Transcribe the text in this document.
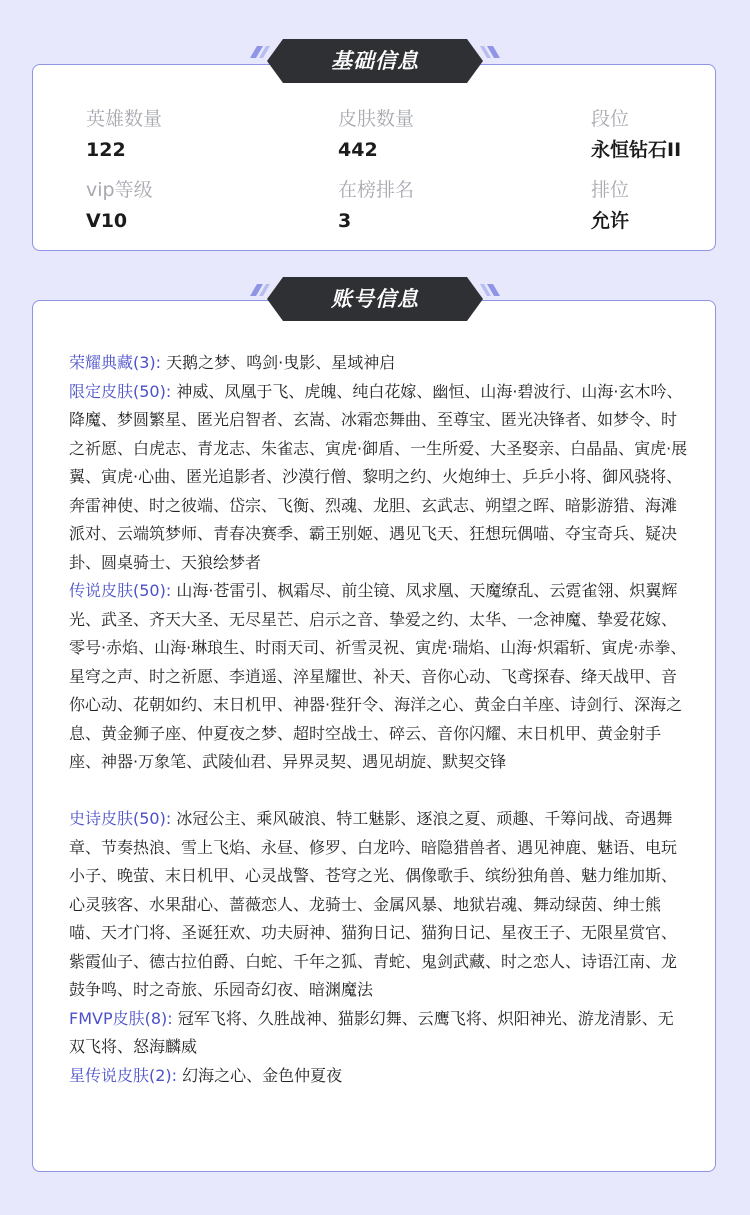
英雄数量
122
皮肤数量
442
段位
永恒钻石II
vip等级
V10
在榜排名
3
排位
允许
基础信息
荣耀典藏(3): 天鹅之梦、鸣剑·曳影、星域神启
限定皮肤(50): 神威、凤凰于飞、虎魄、纯白花嫁、幽恒、山海·碧波行、山海·玄木吟、降魔、梦圆繁星、匿光启智者、玄嵩、冰霜恋舞曲、至尊宝、匿光决锋者、如梦令、时之祈愿、白虎志、青龙志、朱雀志、寅虎·御盾、一生所爱、大圣娶亲、白晶晶、寅虎·展翼、寅虎·心曲、匿光追影者、沙漠行僧、黎明之约、火炮绅士、乒乒小将、御风骁将、奔雷神使、时之彼端、岱宗、飞衡、烈魂、龙胆、玄武志、朔望之晖、暗影游猎、海滩派对、云端筑梦师、青春决赛季、霸王别姬、遇见飞天、狂想玩偶喵、夺宝奇兵、疑决卦、圆桌骑士、天狼绘梦者
传说皮肤(50): 山海·苍雷引、枫霜尽、前尘镜、凤求凰、天魔缭乱、云霓雀翎、炽翼辉光、武圣、齐天大圣、无尽星芒、启示之音、挚爱之约、太华、一念神魔、挚爱花嫁、零号·赤焰、山海·琳琅生、时雨天司、祈雪灵祝、寅虎·瑞焰、山海·炽霜斩、寅虎·赤拳、星穹之声、时之祈愿、李逍遥、淬星耀世、补天、音你心动、飞鸢探春、绛天战甲、音你心动、花朝如约、末日机甲、神器·狴犴令、海洋之心、黄金白羊座、诗剑行、深海之息、黄金狮子座、仲夏夜之梦、超时空战士、碎云、音你闪耀、末日机甲、黄金射手座、神器·万象笔、武陵仙君、异界灵契、遇见胡旋、默契交锋
史诗皮肤(50): 冰冠公主、乘风破浪、特工魅影、逐浪之夏、顽趣、千筹问战、奇遇舞章、节奏热浪、雪上飞焰、永昼、修罗、白龙吟、暗隐猎兽者、遇见神鹿、魅语、电玩小子、晚萤、末日机甲、心灵战警、苍穹之光、偶像歌手、缤纷独角兽、魅力维加斯、心灵骇客、水果甜心、蔷薇恋人、龙骑士、金属风暴、地狱岩魂、舞动绿茵、绅士熊喵、天才门将、圣诞狂欢、功夫厨神、猫狗日记、猫狗日记、星夜王子、无限星赏官、紫霞仙子、德古拉伯爵、白蛇、千年之狐、青蛇、鬼剑武藏、时之恋人、诗语江南、龙鼓争鸣、时之奇旅、乐园奇幻夜、暗渊魔法
FMVP皮肤(8): 冠军飞将、久胜战神、猫影幻舞、云鹰飞将、炽阳神光、游龙清影、无双飞将、怒海麟威
星传说皮肤(2): 幻海之心、金色仲夏夜
账号信息
